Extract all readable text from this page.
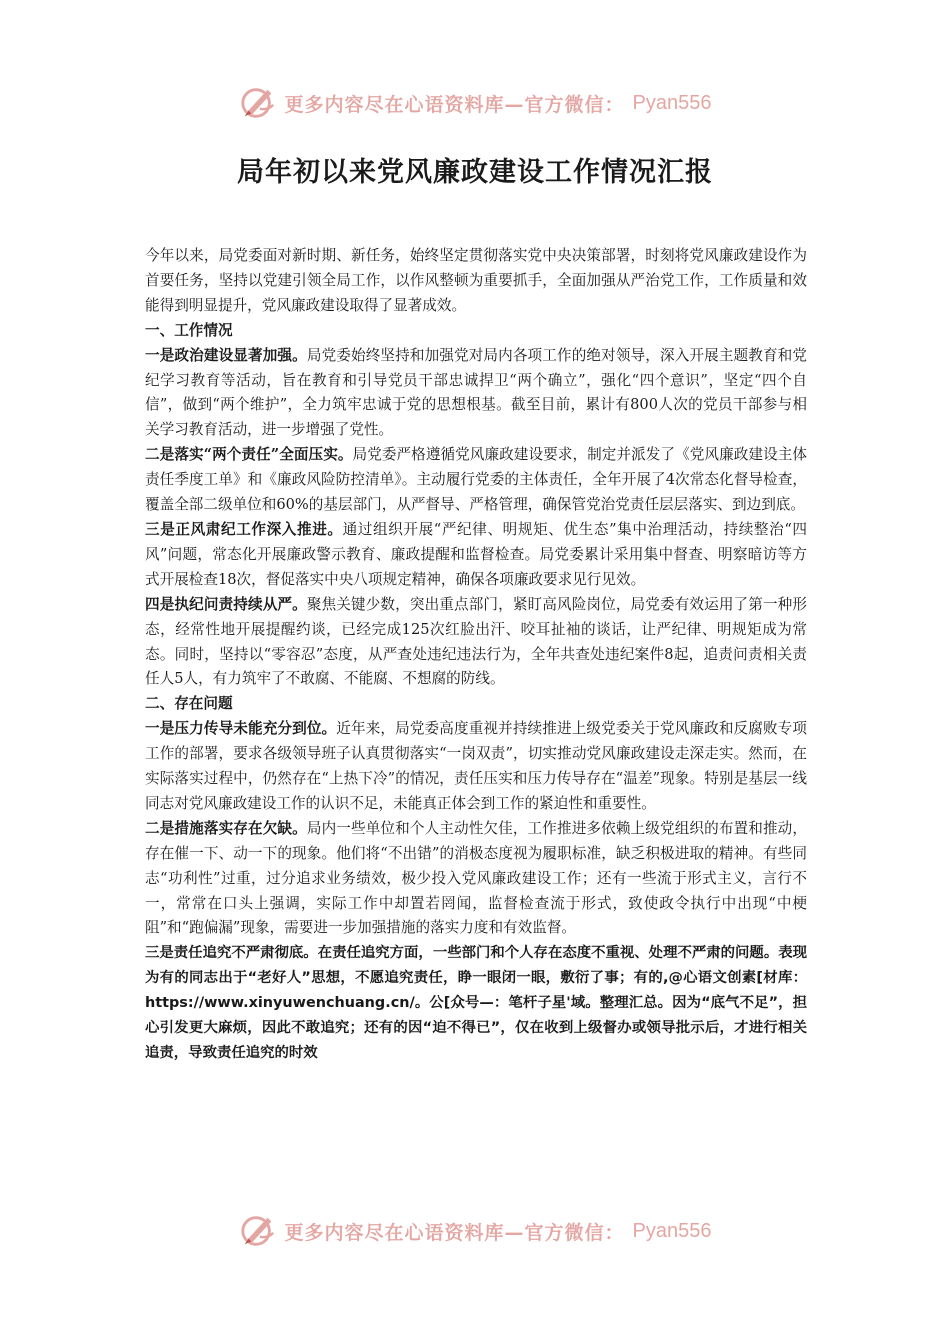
更多内容尽在心语资料库—官方微信： Pyan556
局年初以来党风廉政建设工作情况汇报

今年以来，局党委面对新时期、新任务，始终坚定贯彻落实党中央决策部署，时刻将党风廉政建设作为首要任务，坚持以党建引领全局工作，以作风整顿为重要抓手，全面加强从严治党工作，工作质量和效能得到明显提升，党风廉政建设取得了显著成效。

一、工作情况

一是政治建设显著加强。局党委始终坚持和加强党对局内各项工作的绝对领导，深入开展主题教育和党纪学习教育等活动，旨在教育和引导党员干部忠诚捍卫“两个确立”，强化“四个意识”，坚定“四个自信”，做到“两个维护”，全力筑牢忠诚于党的思想根基。截至目前，累计有800人次的党员干部参与相关学习教育活动，进一步增强了党性。

二是落实“两个责任”全面压实。局党委严格遵循党风廉政建设要求，制定并派发了《党风廉政建设主体责任季度工单》和《廉政风险防控清单》。主动履行党委的主体责任，全年开展了4次常态化督导检查，覆盖全部二级单位和60%的基层部门，从严督导、严格管理，确保管党治党责任层层落实、到边到底。

三是正风肃纪工作深入推进。通过组织开展“严纪律、明规矩、优生态”集中治理活动，持续整治“四风”问题，常态化开展廉政警示教育、廉政提醒和监督检查。局党委累计采用集中督查、明察暗访等方式开展检查18次，督促落实中央八项规定精神，确保各项廉政要求见行见效。

四是执纪问责持续从严。聚焦关键少数，突出重点部门，紧盯高风险岗位，局党委有效运用了第一种形态，经常性地开展提醒约谈，已经完成125次红脸出汗、咬耳扯袖的谈话，让严纪律、明规矩成为常态。同时，坚持以“零容忍”态度，从严查处违纪违法行为，全年共查处违纪案件8起，追责问责相关责任人5人，有力筑牢了不敢腐、不能腐、不想腐的防线。

二、存在问题

一是压力传导未能充分到位。近年来，局党委高度重视并持续推进上级党委关于党风廉政和反腐败专项工作的部署，要求各级领导班子认真贯彻落实“一岗双责”，切实推动党风廉政建设走深走实。然而，在实际落实过程中，仍然存在“上热下冷”的情况，责任压实和压力传导存在“温差”现象。特别是基层一线同志对党风廉政建设工作的认识不足，未能真正体会到工作的紧迫性和重要性。

二是措施落实存在欠缺。局内一些单位和个人主动性欠佳，工作推进多依赖上级党组织的布置和推动，存在催一下、动一下的现象。他们将“不出错”的消极态度视为履职标准，缺乏积极进取的精神。有些同志“功利性”过重，过分追求业务绩效，极少投入党风廉政建设工作；还有一些流于形式主义，言行不一，常常在口头上强调，实际工作中却置若罔闻，监督检查流于形式，致使政令执行中出现“中梗阻”和“跑偏漏”现象，需要进一步加强措施的落实力度和有效监督。

三是责任追究不严肃彻底。在责任追究方面，一些部门和个人存在态度不重视、处理不严肃的问题。表现为有的同志出于“老好人”思想，不愿追究责任，睁一眼闭一眼，敷衍了事；有的,@心语文创素[材库：https://www.xinyuwenchuang.cn/。公[众号—：笔杆子星'域。整理汇总。因为“底气不足”，担心引发更大麻烦，因此不敢追究；还有的因“迫不得已”，仅在收到上级督办或领导批示后，才进行相关追责，导致责任追究的时效

更多内容尽在心语资料库—官方微信： Pyan556
